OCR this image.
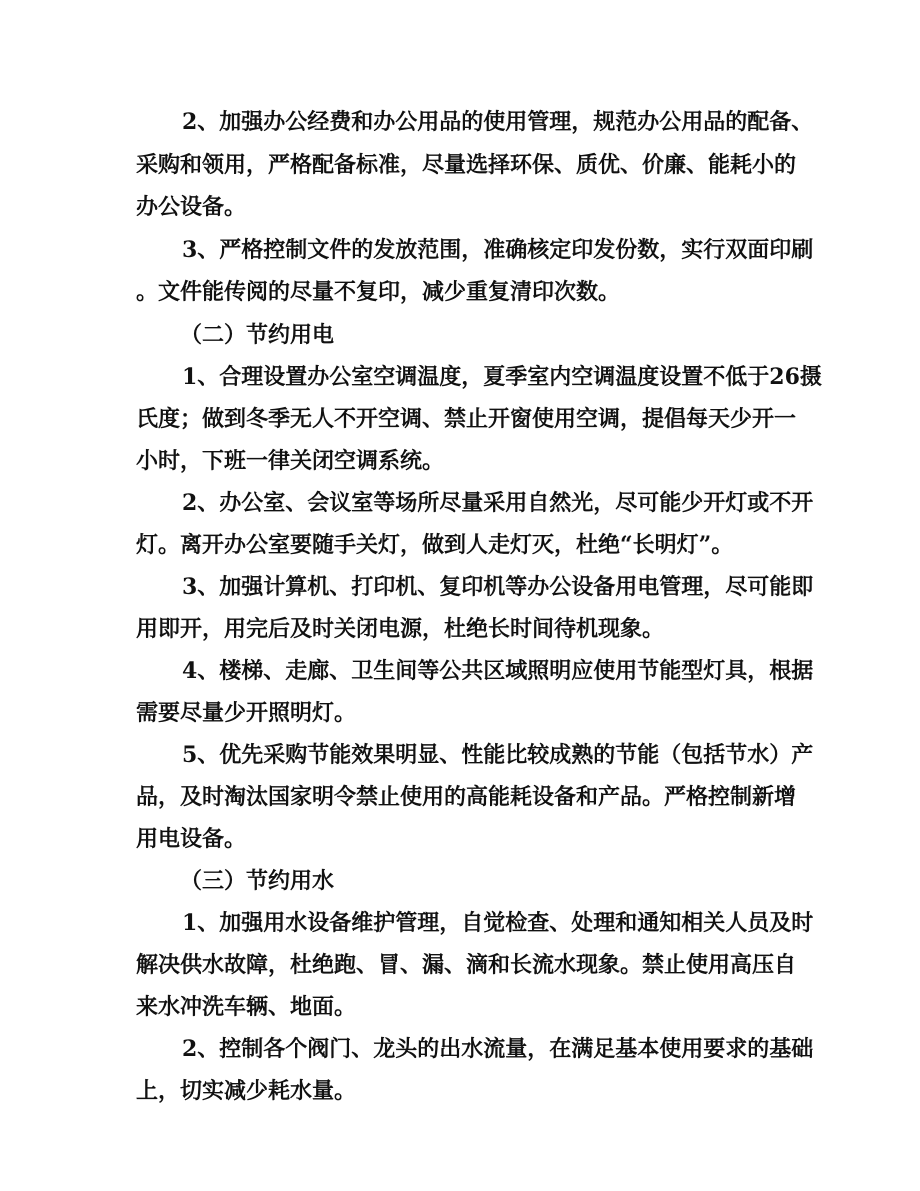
2、加强办公经费和办公用品的使用管理，规范办公用品的配备、
采购和领用，严格配备标准，尽量选择环保、质优、价廉、能耗小的
办公设备。
3、严格控制文件的发放范围，准确核定印发份数，实行双面印刷
。文件能传阅的尽量不复印，减少重复清印次数。
（二）节约用电
1、合理设置办公室空调温度，夏季室内空调温度设置不低于26摄
氏度；做到冬季无人不开空调、禁止开窗使用空调，提倡每天少开一
小时，下班一律关闭空调系统。
2、办公室、会议室等场所尽量采用自然光，尽可能少开灯或不开
灯。离开办公室要随手关灯，做到人走灯灭，杜绝“长明灯”。
3、加强计算机、打印机、复印机等办公设备用电管理，尽可能即
用即开，用完后及时关闭电源，杜绝长时间待机现象。
4、楼梯、走廊、卫生间等公共区域照明应使用节能型灯具，根据
需要尽量少开照明灯。
5、优先采购节能效果明显、性能比较成熟的节能（包括节水）产
品，及时淘汰国家明令禁止使用的高能耗设备和产品。严格控制新增
用电设备。
（三）节约用水
1、加强用水设备维护管理，自觉检查、处理和通知相关人员及时
解决供水故障，杜绝跑、冒、漏、滴和长流水现象。禁止使用高压自
来水冲洗车辆、地面。
2、控制各个阀门、龙头的出水流量，在满足基本使用要求的基础
上，切实减少耗水量。
